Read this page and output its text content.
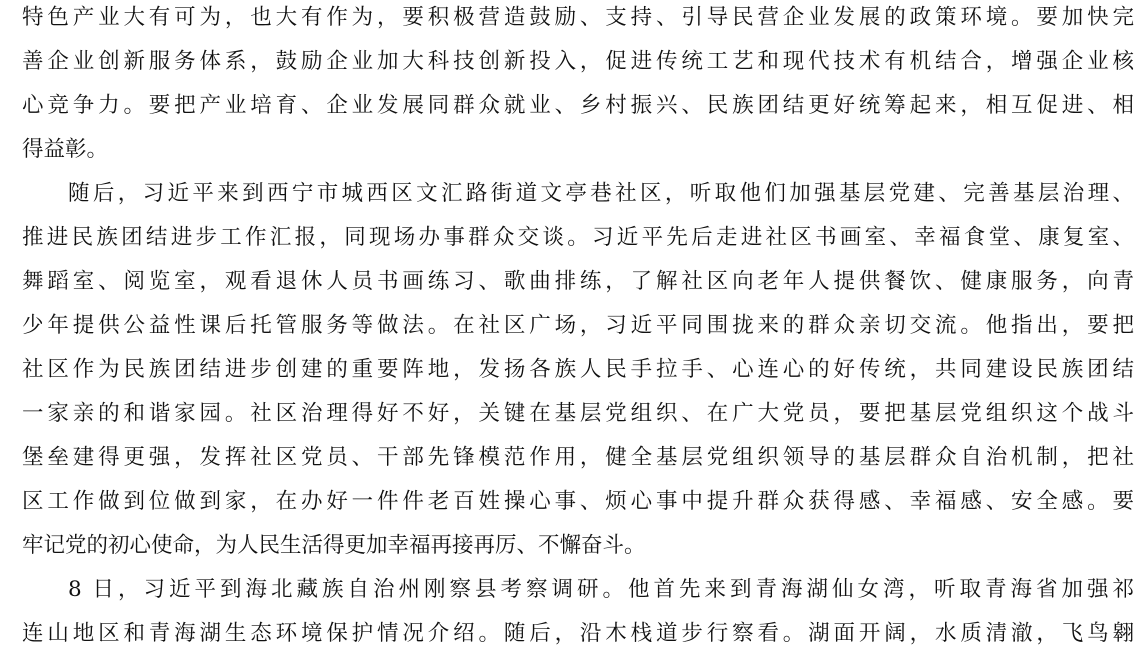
特色产业大有可为，也大有作为，要积极营造鼓励、支持、引导民营企业发展的政策环境。要加快完
善企业创新服务体系，鼓励企业加大科技创新投入，促进传统工艺和现代技术有机结合，增强企业核
心竞争力。要把产业培育、企业发展同群众就业、乡村振兴、民族团结更好统筹起来，相互促进、相
得益彰。
随后，习近平来到西宁市城西区文汇路街道文亭巷社区，听取他们加强基层党建、完善基层治理、
推进民族团结进步工作汇报，同现场办事群众交谈。习近平先后走进社区书画室、幸福食堂、康复室、
舞蹈室、阅览室，观看退休人员书画练习、歌曲排练，了解社区向老年人提供餐饮、健康服务，向青
少年提供公益性课后托管服务等做法。在社区广场，习近平同围拢来的群众亲切交流。他指出，要把
社区作为民族团结进步创建的重要阵地，发扬各族人民手拉手、心连心的好传统，共同建设民族团结
一家亲的和谐家园。社区治理得好不好，关键在基层党组织、在广大党员，要把基层党组织这个战斗
堡垒建得更强，发挥社区党员、干部先锋模范作用，健全基层党组织领导的基层群众自治机制，把社
区工作做到位做到家，在办好一件件老百姓操心事、烦心事中提升群众获得感、幸福感、安全感。要
牢记党的初心使命，为人民生活得更加幸福再接再厉、不懈奋斗。
8 日，习近平到海北藏族自治州刚察县考察调研。他首先来到青海湖仙女湾，听取青海省加强祁
连山地区和青海湖生态环境保护情况介绍。随后，沿木栈道步行察看。湖面开阔，水质清澈，飞鸟翱
